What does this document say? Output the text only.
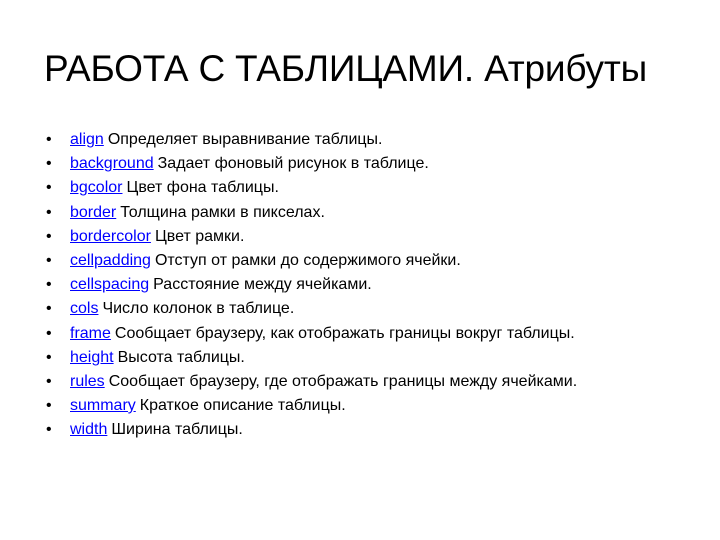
РАБОТА С ТАБЛИЦАМИ. Атрибуты
•	align Определяет выравнивание таблицы.
•	background Задает фоновый рисунок в таблице.
•	bgcolor Цвет фона таблицы.
•	border Толщина рамки в пикселах.
•	bordercolor Цвет рамки.
•	cellpadding Отступ от рамки до содержимого ячейки.
•	cellspacing Расстояние между ячейками.
•	cols Число колонок в таблице.
•	frame Сообщает браузеру, как отображать границы вокруг таблицы.
•	height Высота таблицы.
•	rules Сообщает браузеру, где отображать границы между ячейками.
•	summary Краткое описание таблицы.
•	width Ширина таблицы.
